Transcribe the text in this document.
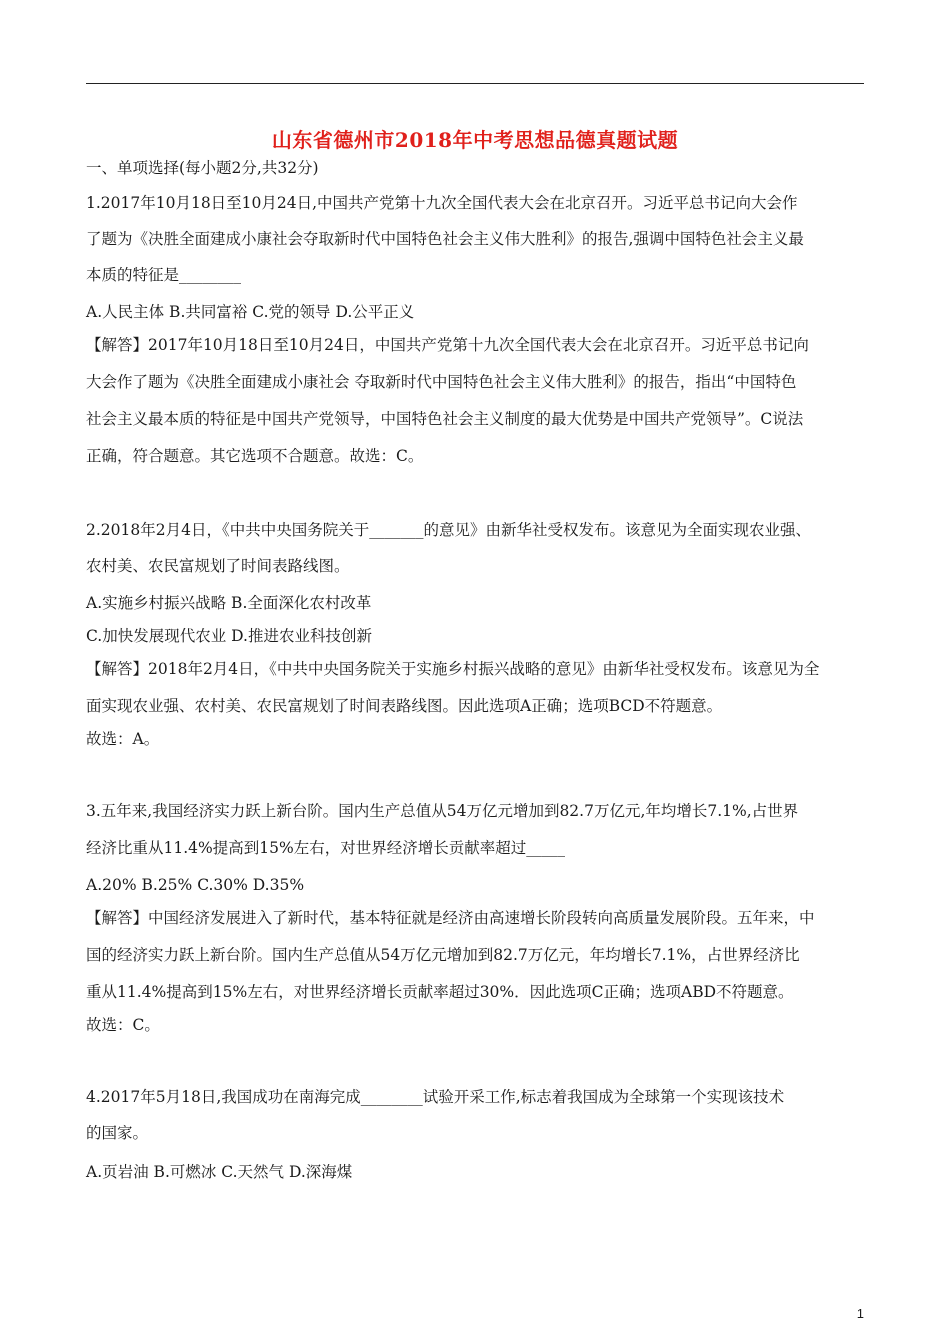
山东省德州市2018年中考思想品德真题试题
一、单项选择(每小题2分,共32分)
1.2017年10月18日至10月24日,中国共产党第十九次全国代表大会在北京召开。习近平总书记向大会作
了题为《决胜全面建成小康社会夺取新时代中国特色社会主义伟大胜利》的报告,强调中国特色社会主义最
本质的特征是________
A.人民主体 B.共同富裕 C.党的领导 D.公平正义
【解答】2017年10月18日至10月24日，中国共产党第十九次全国代表大会在北京召开。习近平总书记向
大会作了题为《决胜全面建成小康社会 夺取新时代中国特色社会主义伟大胜利》的报告，指出“中国特色
社会主义最本质的特征是中国共产党领导，中国特色社会主义制度的最大优势是中国共产党领导”。C说法
正确，符合题意。其它选项不合题意。故选：C。
2.2018年2月4日，《中共中央国务院关于_______的意见》由新华社受权发布。该意见为全面实现农业强、
农村美、农民富规划了时间表路线图。
A.实施乡村振兴战略 B.全面深化农村改革
C.加快发展现代农业 D.推进农业科技创新
【解答】2018年2月4日，《中共中央国务院关于实施乡村振兴战略的意见》由新华社受权发布。该意见为全
面实现农业强、农村美、农民富规划了时间表路线图。因此选项A正确；选项BCD不符题意。
故选：A。
3.五年来,我国经济实力跃上新台阶。国内生产总值从54万亿元增加到82.7万亿元,年均增长7.1%,占世界
经济比重从11.4%提高到15%左右，对世界经济增长贡献率超过_____
A.20% B.25% C.30% D.35%
【解答】中国经济发展进入了新时代，基本特征就是经济由高速增长阶段转向高质量发展阶段。五年来，中
国的经济实力跃上新台阶。国内生产总值从54万亿元增加到82.7万亿元，年均增长7.1%，占世界经济比
重从11.4%提高到15%左右，对世界经济增长贡献率超过30%．因此选项C正确；选项ABD不符题意。
故选：C。
4.2017年5月18日,我国成功在南海完成________试验开采工作,标志着我国成为全球第一个实现该技术
的国家。
A.页岩油 B.可燃冰 C.天然气 D.深海煤
1
